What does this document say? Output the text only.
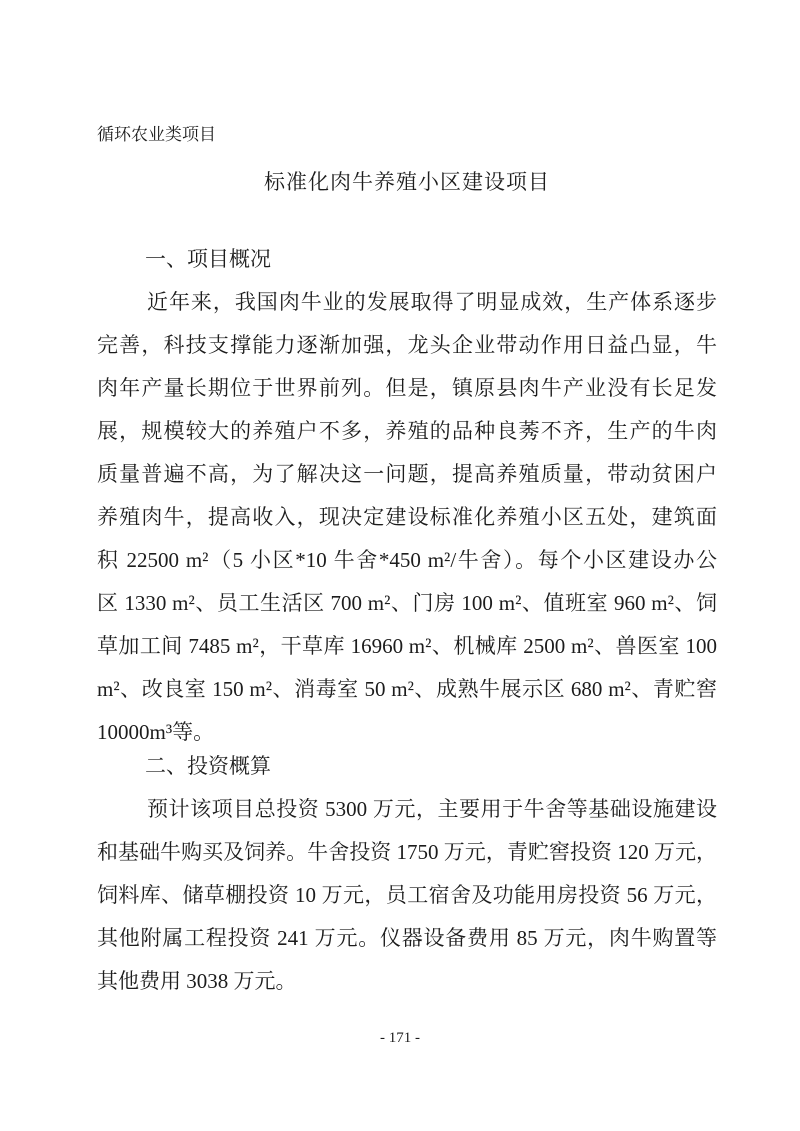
循环农业类项目
标准化肉牛养殖小区建设项目
一、项目概况
近年来，我国肉牛业的发展取得了明显成效，生产体系逐步
完善，科技支撑能力逐渐加强，龙头企业带动作用日益凸显，牛
肉年产量长期位于世界前列。但是，镇原县肉牛产业没有长足发
展，规模较大的养殖户不多，养殖的品种良莠不齐，生产的牛肉
质量普遍不高，为了解决这一问题，提高养殖质量，带动贫困户
养殖肉牛，提高收入，现决定建设标准化养殖小区五处，建筑面
积 22500 m²（5 小区*10 牛舍*450 m²/牛舍）。每个小区建设办公
区 1330 m²、员工生活区 700 m²、门房 100 m²、值班室 960 m²、饲
草加工间 7485 m²，干草库 16960 m²、机械库 2500 m²、兽医室 100
m²、改良室 150 m²、消毒室 50 m²、成熟牛展示区 680 m²、青贮窖
10000m³等。
二、投资概算
预计该项目总投资 5300 万元，主要用于牛舍等基础设施建设
和基础牛购买及饲养。牛舍投资 1750 万元，青贮窖投资 120 万元，
饲料库、储草棚投资 10 万元，员工宿舍及功能用房投资 56 万元，
其他附属工程投资 241 万元。仪器设备费用 85 万元，肉牛购置等
其他费用 3038 万元。
- 171 -
